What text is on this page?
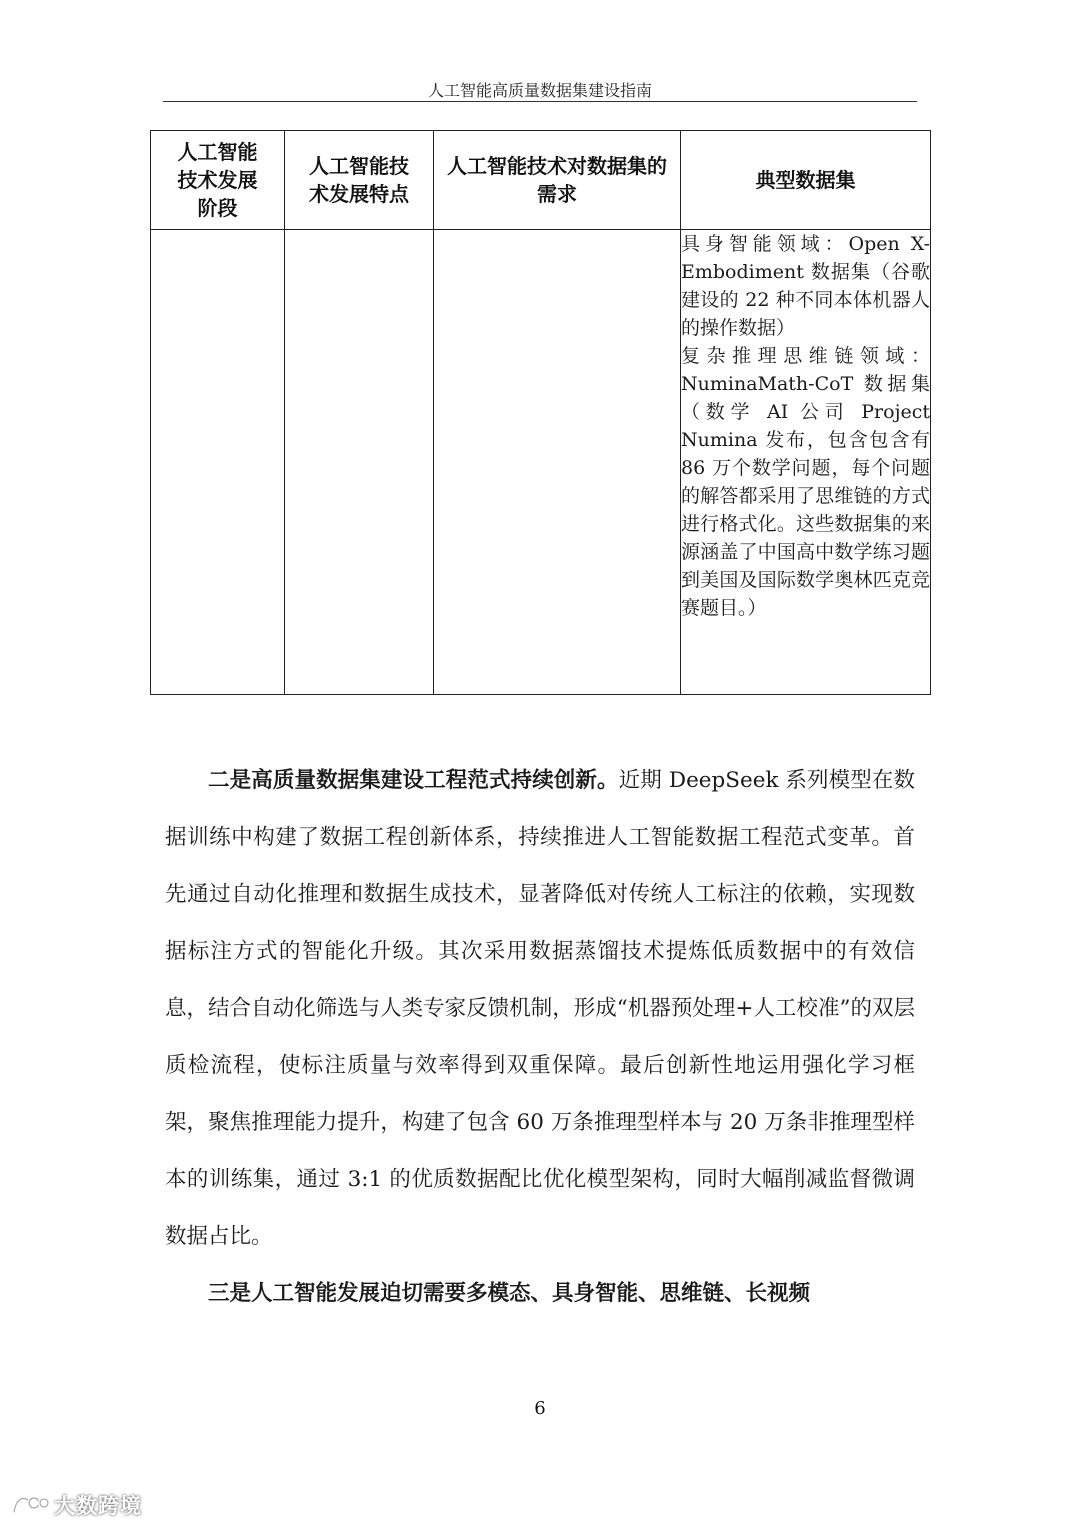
人工智能高质量数据集建设指南
人工智能技术发展阶段	人工智能技术发展特点	人工智能技术对数据集的需求	典型数据集

			具身智能领域：Open X-Embodiment 数据集（谷歌建设的 22 种不同本体机器人的操作数据）

复杂推理思维链领域：NuminaMath-CoT 数据集（数学 AI 公司 Project Numina 发布，包含包含有 86 万个数学问题，每个问题的解答都采用了思维链的方式进行格式化。这些数据集的来源涵盖了中国高中数学练习题到美国及国际数学奥林匹克竞赛题目。）

二是高质量数据集建设工程范式持续创新。近期 DeepSeek 系列模型在数据训练中构建了数据工程创新体系，持续推进人工智能数据工程范式变革。首先通过自动化推理和数据生成技术，显著降低对传统人工标注的依赖，实现数据标注方式的智能化升级。其次采用数据蒸馏技术提炼低质数据中的有效信息，结合自动化筛选与人类专家反馈机制，形成“机器预处理+人工校准”的双层质检流程，使标注质量与效率得到双重保障。最后创新性地运用强化学习框架，聚焦推理能力提升，构建了包含 60 万条推理型样本与 20 万条非推理型样本的训练集，通过 3:1 的优质数据配比优化模型架构，同时大幅削减监督微调数据占比。

三是人工智能发展迫切需要多模态、具身智能、思维链、长视频

6
大数跨境
